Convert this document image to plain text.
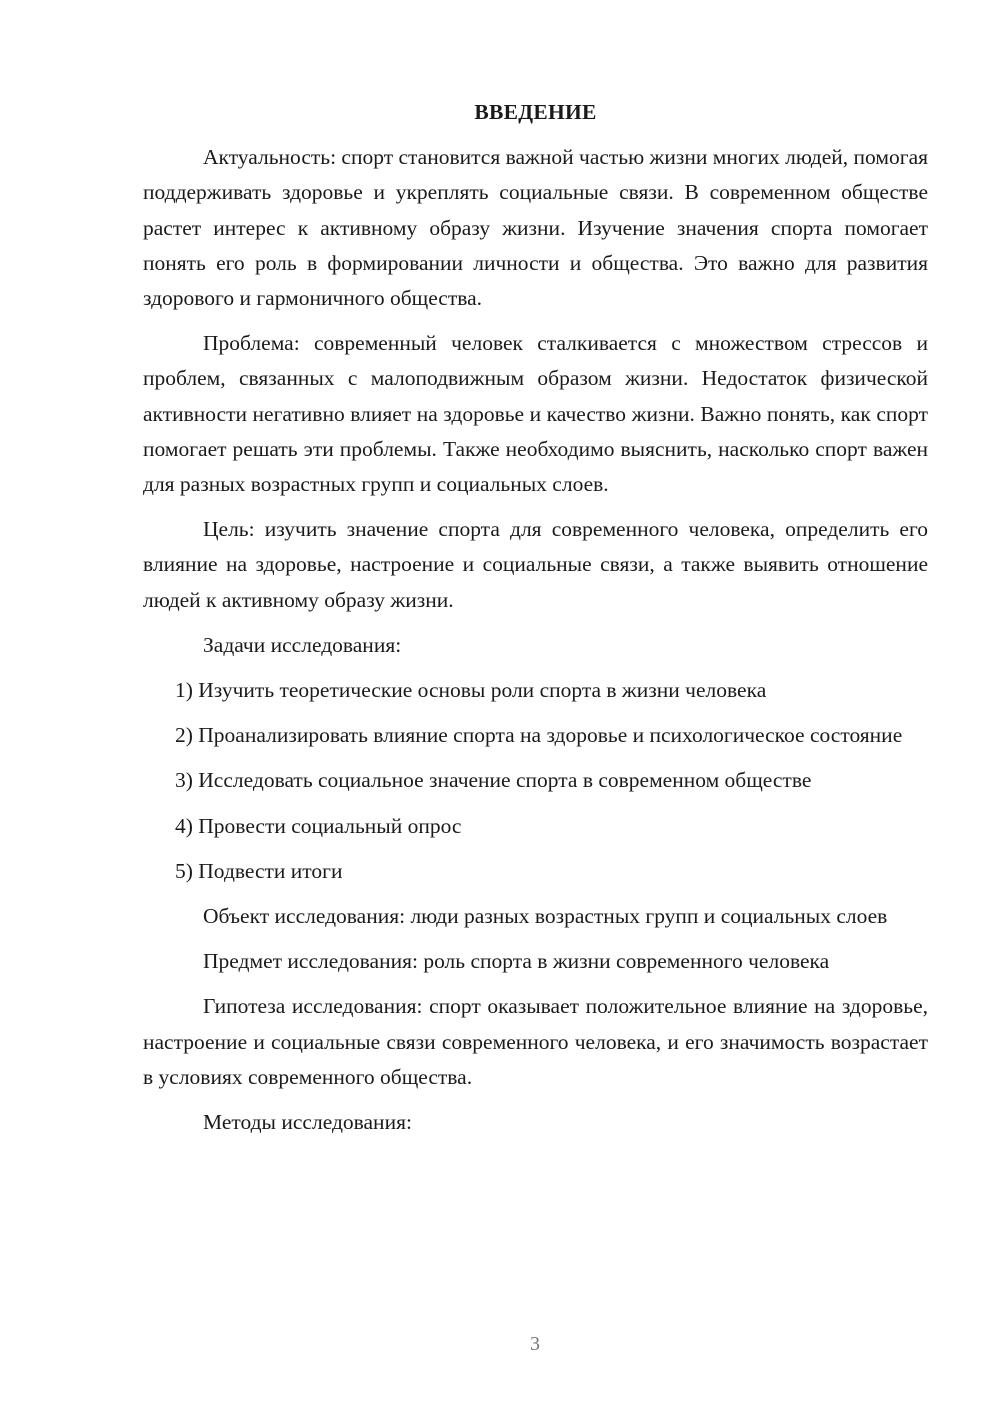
ВВЕДЕНИЕ

Актуальность: спорт становится важной частью жизни многих людей, помогая поддерживать здоровье и укреплять социальные связи. В современном обществе растет интерес к активному образу жизни. Изучение значения спорта помогает понять его роль в формировании личности и общества. Это важно для развития здорового и гармоничного общества.

Проблема: современный человек сталкивается с множеством стрессов и проблем, связанных с малоподвижным образом жизни. Недостаток физической активности негативно влияет на здоровье и качество жизни. Важно понять, как спорт помогает решать эти проблемы. Также необходимо выяснить, насколько спорт важен для разных возрастных групп и социальных слоев.

Цель: изучить значение спорта для современного человека, определить его влияние на здоровье, настроение и социальные связи, а также выявить отношение людей к активному образу жизни.

Задачи исследования:

1) Изучить теоретические основы роли спорта в жизни человека

2) Проанализировать влияние спорта на здоровье и психологическое состояние

3) Исследовать социальное значение спорта в современном обществе

4) Провести социальный опрос

5) Подвести итоги

Объект исследования: люди разных возрастных групп и социальных слоев

Предмет исследования: роль спорта в жизни современного человека

Гипотеза исследования: спорт оказывает положительное влияние на здоровье, настроение и социальные связи современного человека, и его значимость возрастает в условиях современного общества.

Методы исследования:

3
